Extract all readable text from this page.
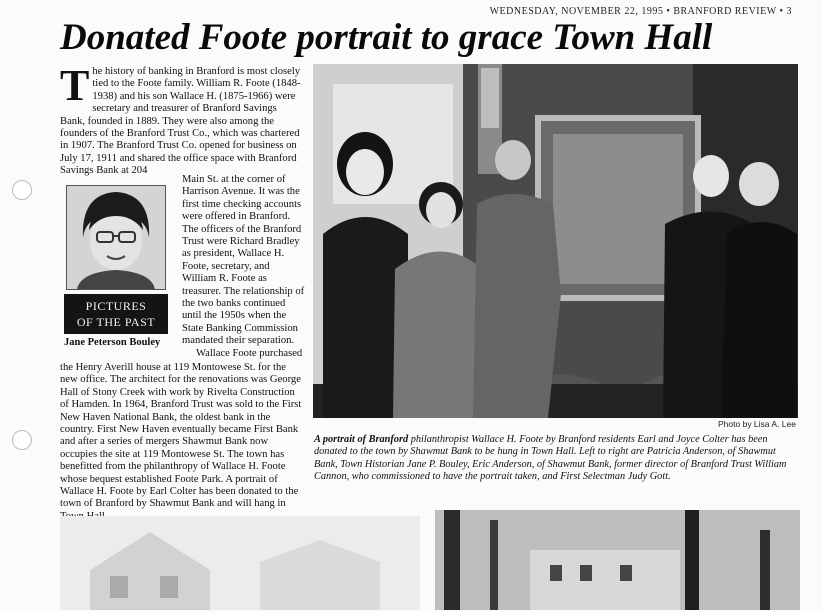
WEDNESDAY, NOVEMBER 22, 1995 • BRANFORD REVIEW • 3
Donated Foote portrait to grace Town Hall
T he history of banking in Branford is most closely tied to the Foote family. William R. Foote (1848-1938) and his son Wallace H. (1875-1966) were secretary and treasurer of Branford Savings Bank, founded in 1889. They were also among the founders of the Branford Trust Co., which was chartered in 1907. The Branford Trust Co. opened for business on July 17, 1911 and shared the office space with Branford Savings Bank at 204

PICTURES
OF THE PAST
Jane Peterson Bouley

Main St. at the corner of Harrison Avenue. It was the first time checking accounts were offered in Branford. The officers of the Branford Trust were Richard Bradley as president, Wallace H. Foote, secretary, and William R. Foote as treasurer. The relationship of the two banks continued until the 1950s when the State Banking Commission mandated their separation.

Wallace Foote purchased

the Henry Averill house at 119 Montowese St. for the new office. The architect for the renovations was George Hall of Stony Creek with work by Rivelta Construction of Hamden. In 1964, Branford Trust was sold to the First New Haven National Bank, the oldest bank in the country. First New Haven eventually became First Bank and after a series of mergers Shawmut Bank now occupies the site at 119 Montowese St. The town has benefitted from the philanthropy of Wallace H. Foote whose bequest established Foote Park. A portrait of Wallace H. Foote by Earl Colter has been donated to the town of Branford by Shawmut Bank and will hang in

Photo by Lisa A. Lee
A portrait of Branford philanthropist Wallace H. Foote by Branford residents Earl and Joyce Colter has been donated to the town by Shawmut Bank to be hung in Town Hall. Left to right are Patricia Anderson, of Shawmut Bank, Town Historian Jane P. Bouley, Eric Anderson, of Shawmut Bank, former director of Branford Trust William Cannon, who commissioned to have the portrait taken, and First Selectman Judy Gott.
